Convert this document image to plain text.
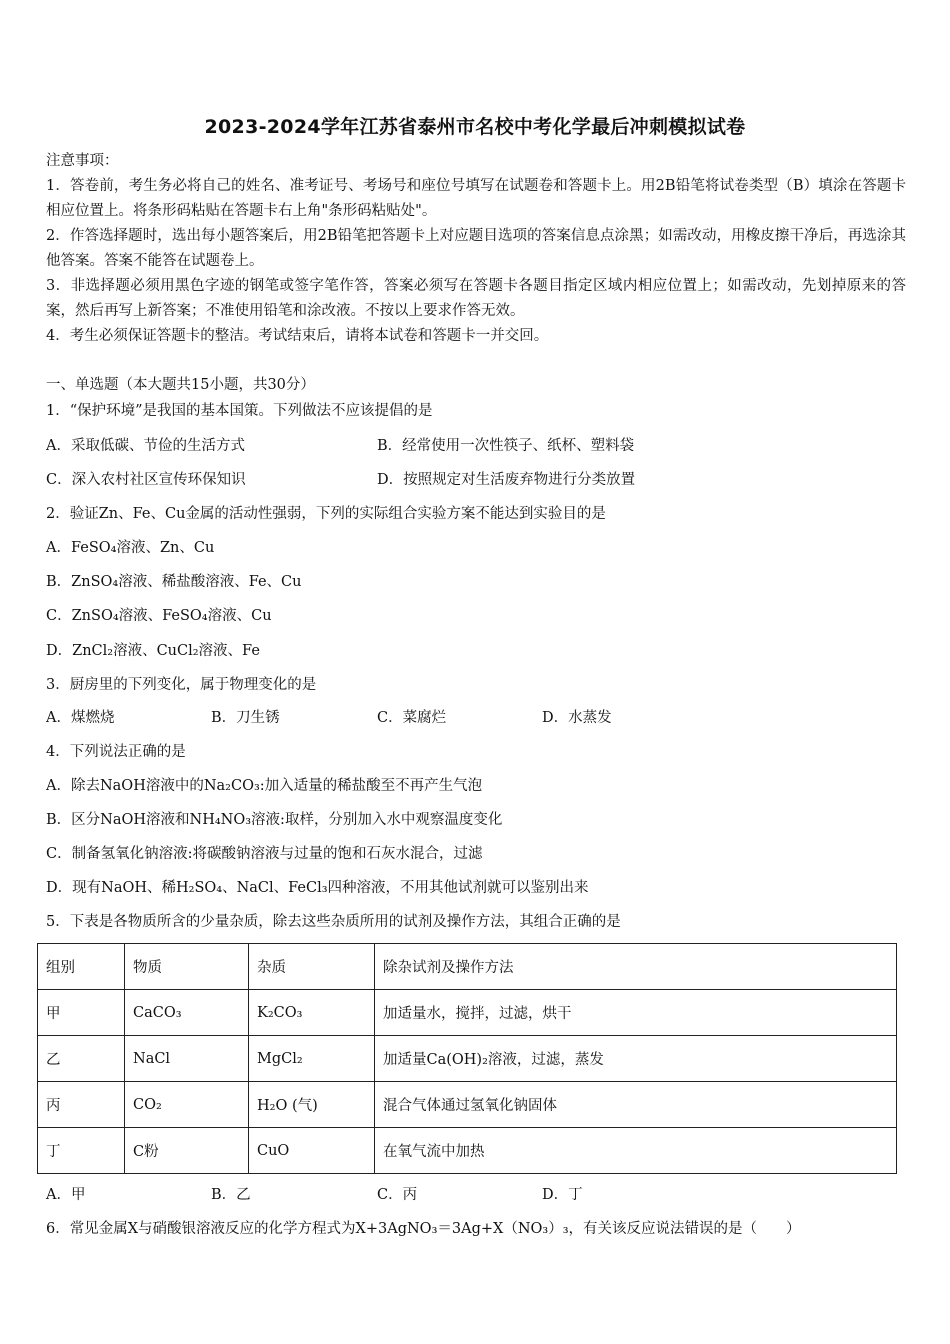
2023-2024学年江苏省泰州市名校中考化学最后冲刺模拟试卷
注意事项：
1．答卷前，考生务必将自己的姓名、准考证号、考场号和座位号填写在试题卷和答题卡上。用2B铅笔将试卷类型（B）填涂在答题卡相应位置上。将条形码粘贴在答题卡右上角"条形码粘贴处"。
2．作答选择题时，选出每小题答案后，用2B铅笔把答题卡上对应题目选项的答案信息点涂黑；如需改动，用橡皮擦干净后，再选涂其他答案。答案不能答在试题卷上。
3．非选择题必须用黑色字迹的钢笔或签字笔作答，答案必须写在答题卡各题目指定区域内相应位置上；如需改动，先划掉原来的答案，然后再写上新答案；不准使用铅笔和涂改液。不按以上要求作答无效。
4．考生必须保证答题卡的整洁。考试结束后，请将本试卷和答题卡一并交回。
一、单选题（本大题共15小题，共30分）
1．“保护环境”是我国的基本国策。下列做法不应该提倡的是
A．采取低碳、节俭的生活方式	B．经常使用一次性筷子、纸杯、塑料袋
C．深入农村社区宣传环保知识	D．按照规定对生活废弃物进行分类放置
2．验证Zn、Fe、Cu金属的活动性强弱，下列的实际组合实验方案不能达到实验目的是
A．FeSO₄溶液、Zn、Cu
B．ZnSO₄溶液、稀盐酸溶液、Fe、Cu
C．ZnSO₄溶液、FeSO₄溶液、Cu
D．ZnCl₂溶液、CuCl₂溶液、Fe
3．厨房里的下列变化，属于物理变化的是
A．煤燃烧	B．刀生锈	C．菜腐烂	D．水蒸发
4．下列说法正确的是
A．除去NaOH溶液中的Na₂CO₃:加入适量的稀盐酸至不再产生气泡
B．区分NaOH溶液和NH₄NO₃溶液:取样，分别加入水中观察温度变化
C．制备氢氧化钠溶液:将碳酸钠溶液与过量的饱和石灰水混合，过滤
D．现有NaOH、稀H₂SO₄、NaCl、FeCl₃四种溶液，不用其他试剂就可以鉴别出来
5．下表是各物质所含的少量杂质，除去这些杂质所用的试剂及操作方法，其组合正确的是
组别	物质	杂质	除杂试剂及操作方法
甲	CaCO₃	K₂CO₃	加适量水，搅拌，过滤，烘干
乙	NaCl	MgCl₂	加适量Ca(OH)₂溶液，过滤，蒸发
丙	CO₂	H₂O (气)	混合气体通过氢氧化钠固体
丁	C粉	CuO	在氧气流中加热
A．甲	B．乙	C．丙	D．丁
6．常见金属X与硝酸银溶液反应的化学方程式为X+3AgNO₃＝3Ag+X（NO₃）₃，有关该反应说法错误的是（　　）
